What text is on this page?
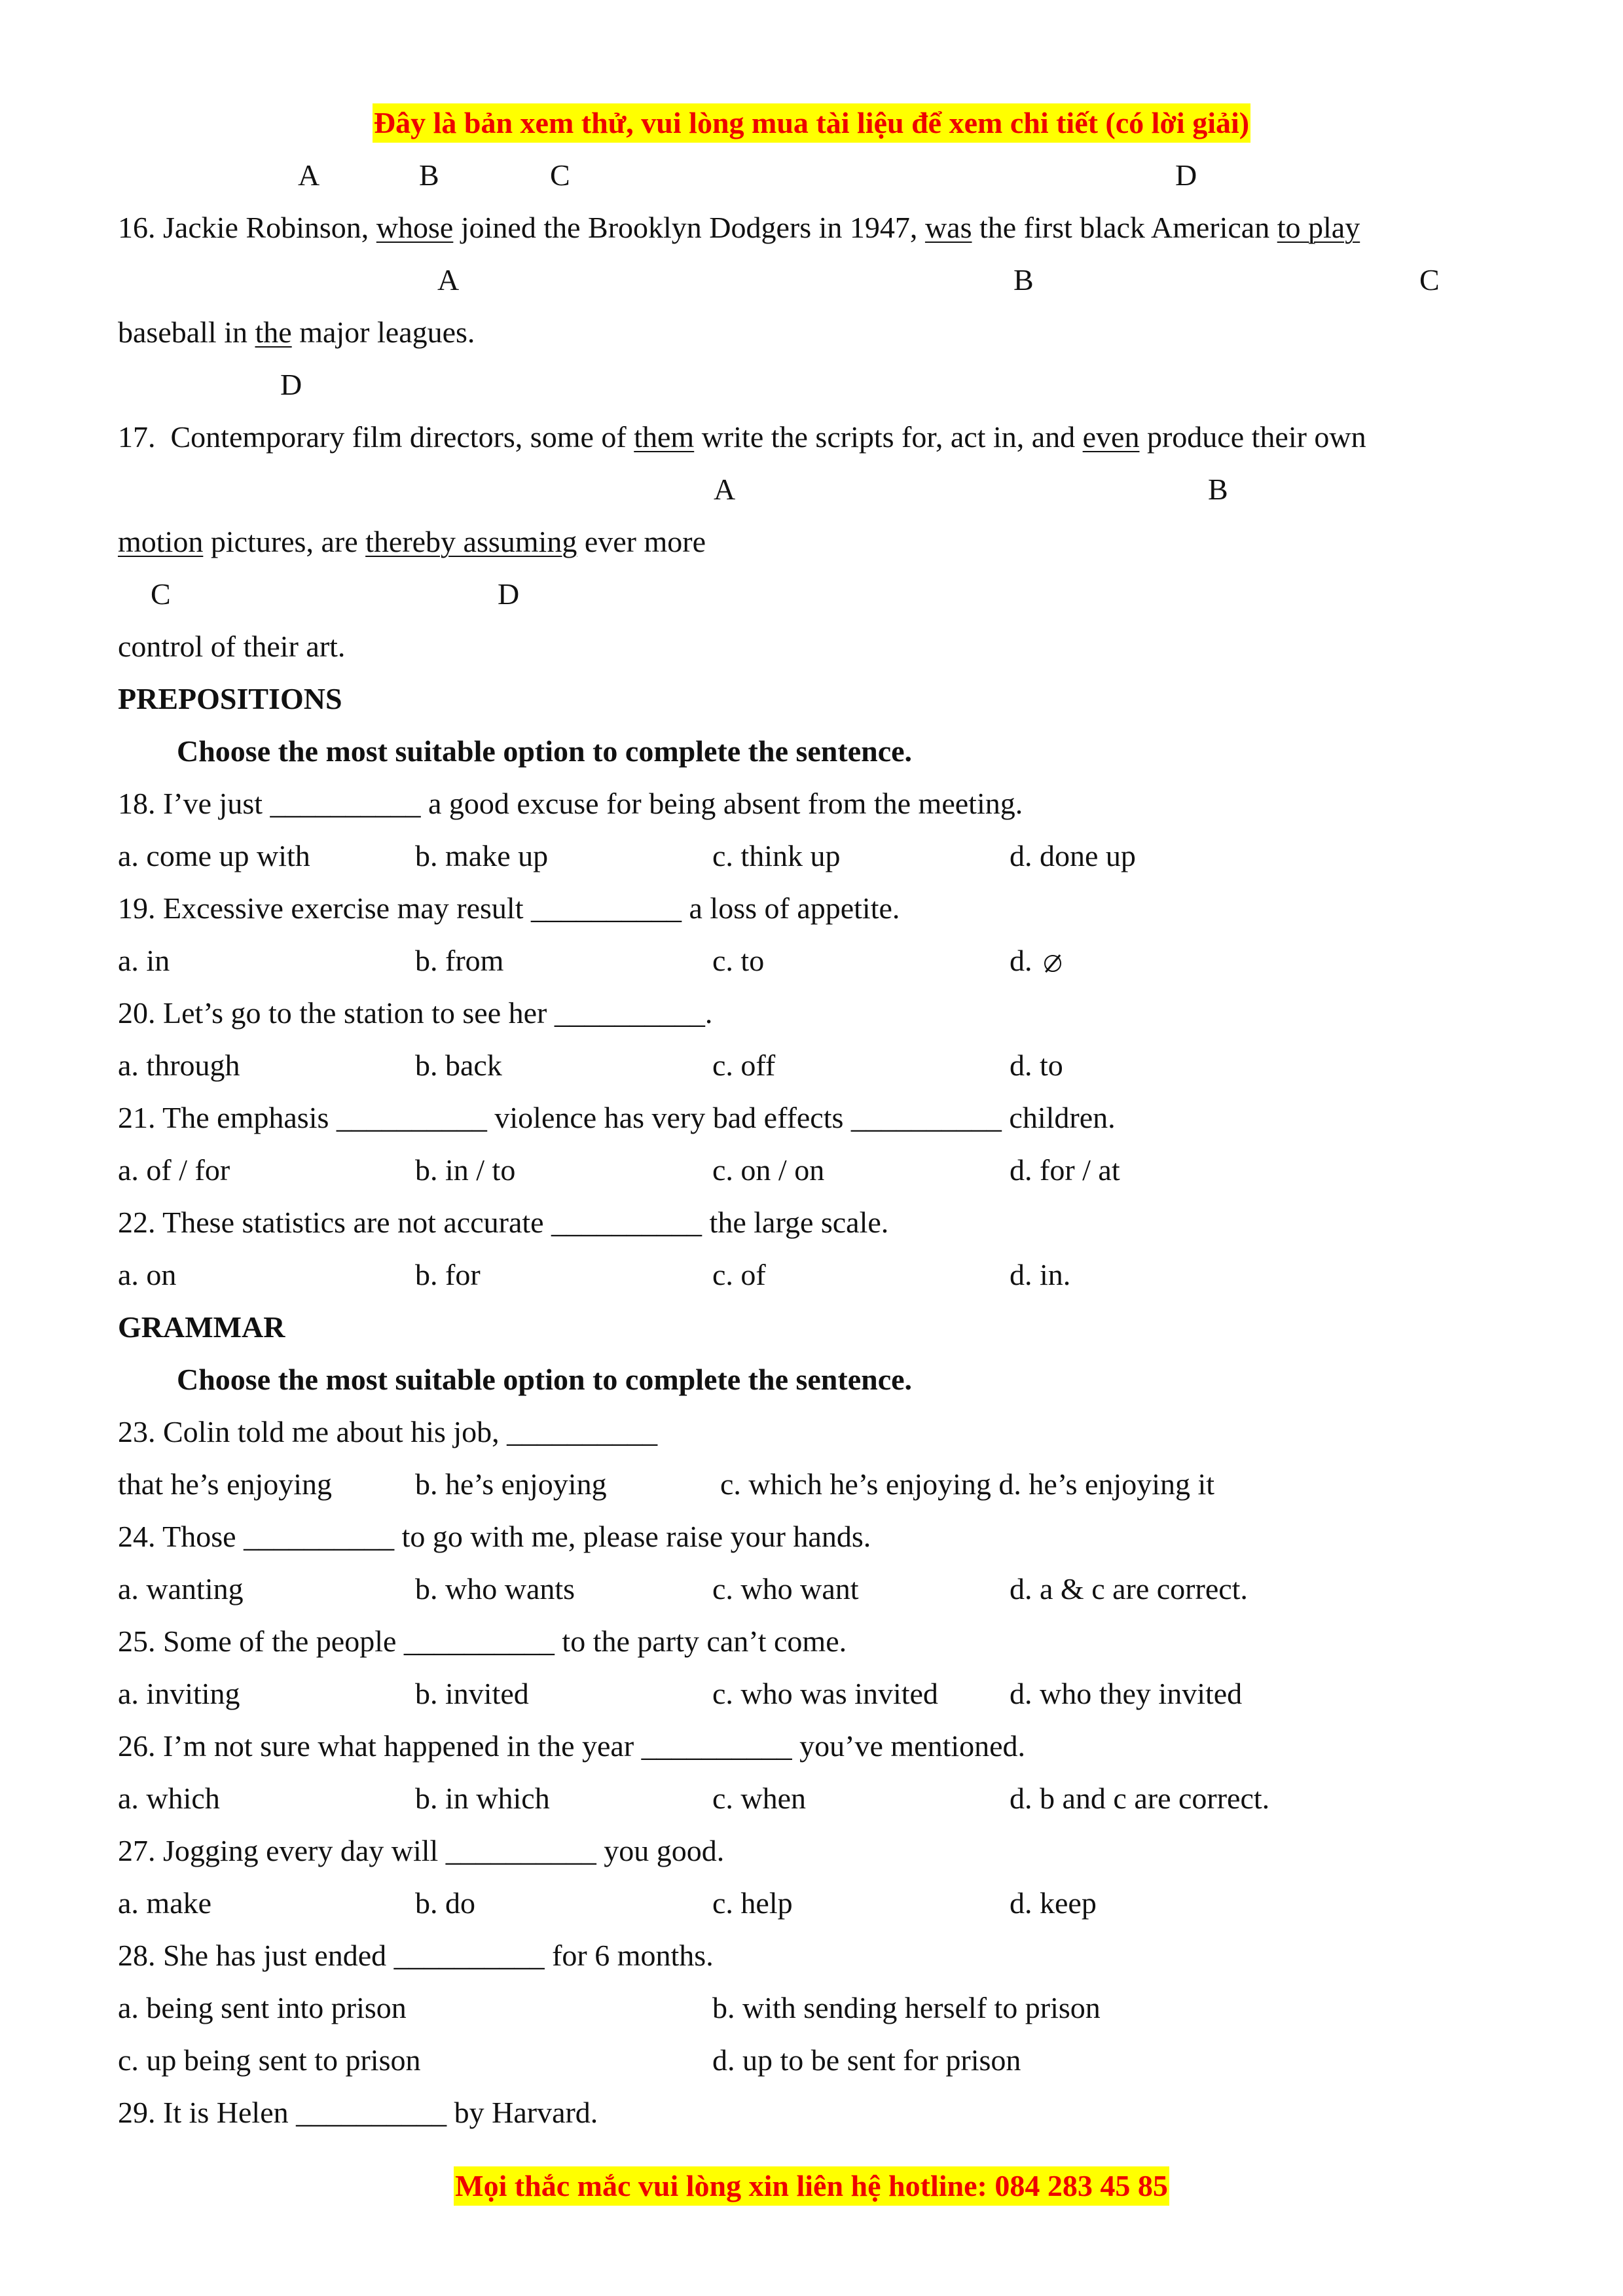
Đây là bản xem thử, vui lòng mua tài liệu để xem chi tiết (có lời giải)
A	B	C	D
16. Jackie Robinson, whose joined the Brooklyn Dodgers in 1947, was the first black American to play
A	B	C
baseball in the major leagues.
D
17.  Contemporary film directors, some of them write the scripts for, act in, and even produce their own
A	B
motion pictures, are thereby assuming ever more
C	D
control of their art.
PREPOSITIONS
Choose the most suitable option to complete the sentence.
18. I’ve just __________ a good excuse for being absent from the meeting.
a. come up with	b. make up	c. think up	d. done up
19. Excessive exercise may result __________ a loss of appetite.
a. in	b. from	c. to	d.
20. Let’s go to the station to see her __________.
a. through	b. back	c. off	d. to
21. The emphasis __________ violence has very bad effects __________ children.
a. of / for	b. in / to	c. on / on	d. for / at
22. These statistics are not accurate __________ the large scale.
a. on	b. for	c. of	d. in.
GRAMMAR
Choose the most suitable option to complete the sentence.
23. Colin told me about his job, __________
that he’s enjoying	b. he’s enjoying	c. which he’s enjoying d. he’s enjoying it
24. Those __________ to go with me, please raise your hands.
a. wanting	b. who wants	c. who want	d. a & c are correct.
25. Some of the people __________ to the party can’t come.
a. inviting	b. invited	c. who was invited d. who they invited
26. I’m not sure what happened in the year __________ you’ve mentioned.
a. which	b. in which	c. when	d. b and c are correct.
27. Jogging every day will __________ you good.
a. make	b. do	c. help	d. keep
28. She has just ended __________ for 6 months.
a. being sent into prison	b. with sending herself to prison
c. up being sent to prison	d. up to be sent for prison
29. It is Helen __________ by Harvard.
Mọi thắc mắc vui lòng xin liên hệ hotline: 084 283 45 85
